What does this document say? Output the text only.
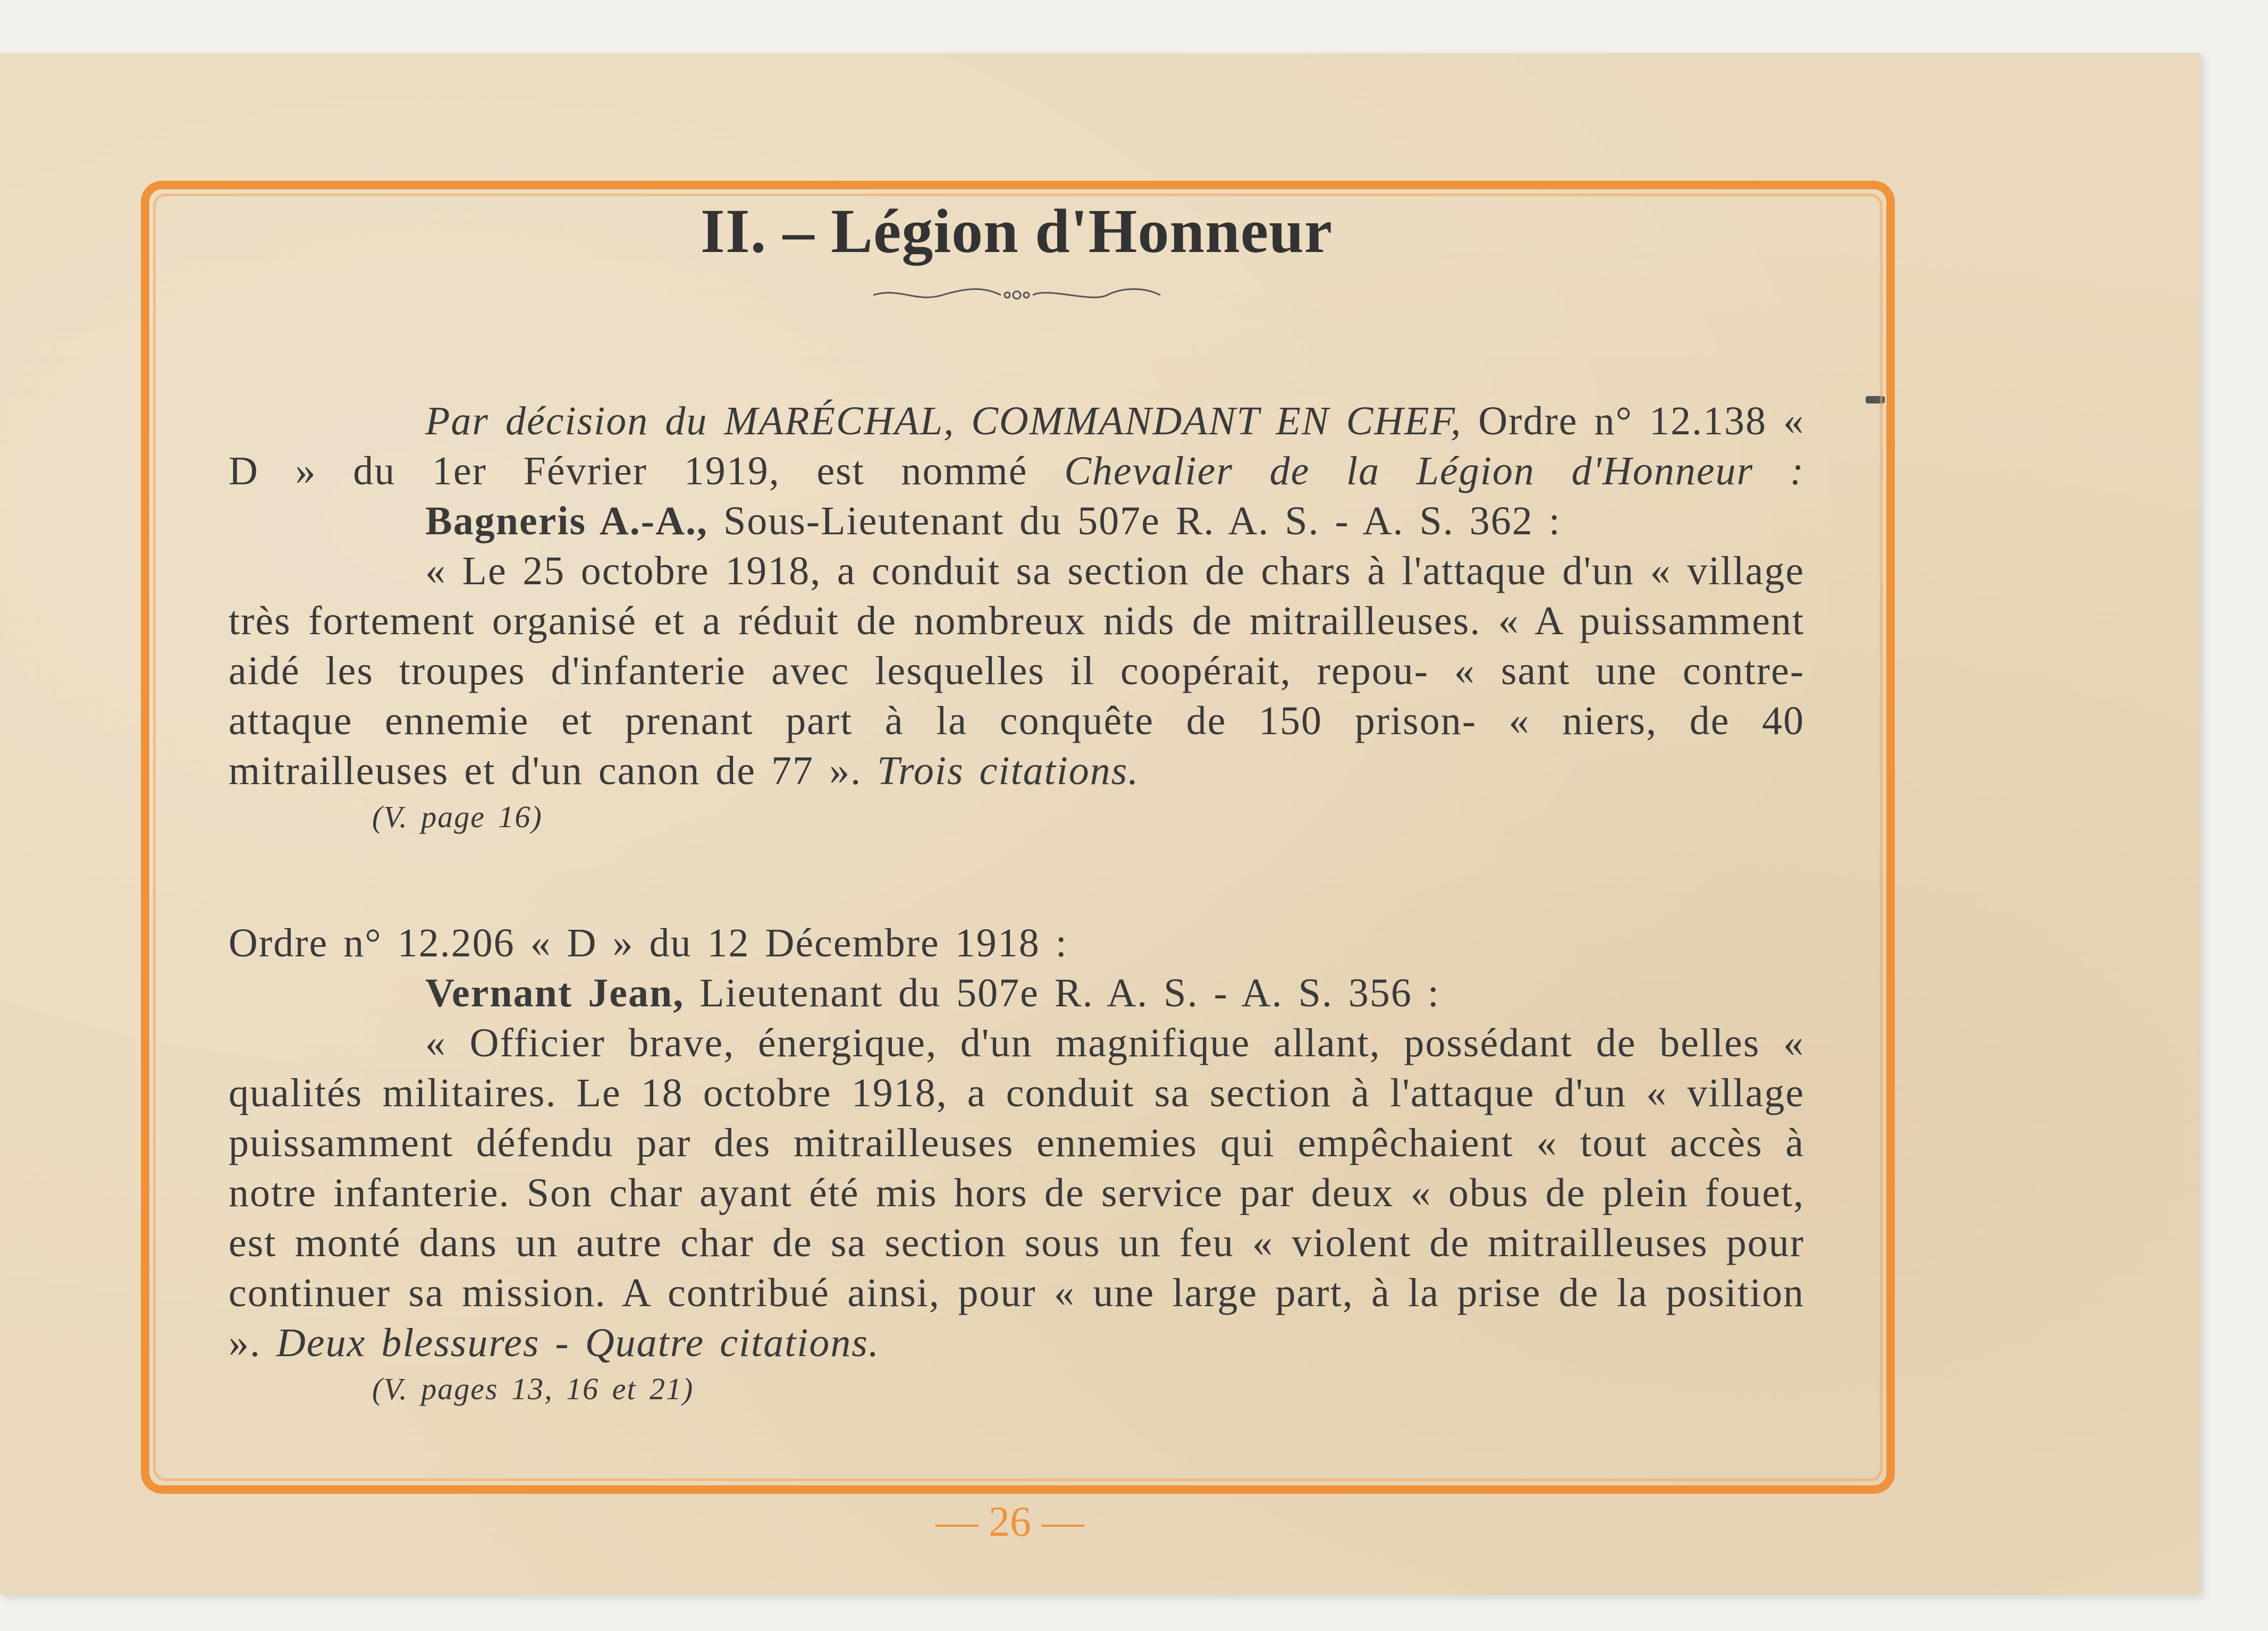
II. – Légion d'Honneur

Par décision du MARÉCHAL, COMMANDANT EN CHEF, Ordre n° 12.138 « D » du 1er Février 1919, est nommé Chevalier de la Légion d'Honneur :

Bagneris A.-A., Sous-Lieutenant du 507e R. A. S. - A. S. 362 :

« Le 25 octobre 1918, a conduit sa section de chars à l'attaque d'un « village très fortement organisé et a réduit de nombreux nids de mitrailleuses. « A puissamment aidé les troupes d'infanterie avec lesquelles il coopérait, repou- « sant une contre-attaque ennemie et prenant part à la conquête de 150 prison- « niers, de 40 mitrailleuses et d'un canon de 77 ». Trois citations.

(V. page 16)

Ordre n° 12.206 « D » du 12 Décembre 1918 :

Vernant Jean, Lieutenant du 507e R. A. S. - A. S. 356 :

« Officier brave, énergique, d'un magnifique allant, possédant de belles « qualités militaires. Le 18 octobre 1918, a conduit sa section à l'attaque d'un « village puissamment défendu par des mitrailleuses ennemies qui empêchaient « tout accès à notre infanterie. Son char ayant été mis hors de service par deux « obus de plein fouet, est monté dans un autre char de sa section sous un feu « violent de mitrailleuses pour continuer sa mission. A contribué ainsi, pour « une large part, à la prise de la position ». Deux blessures - Quatre citations.

(V. pages 13, 16 et 21)

— 26 —
